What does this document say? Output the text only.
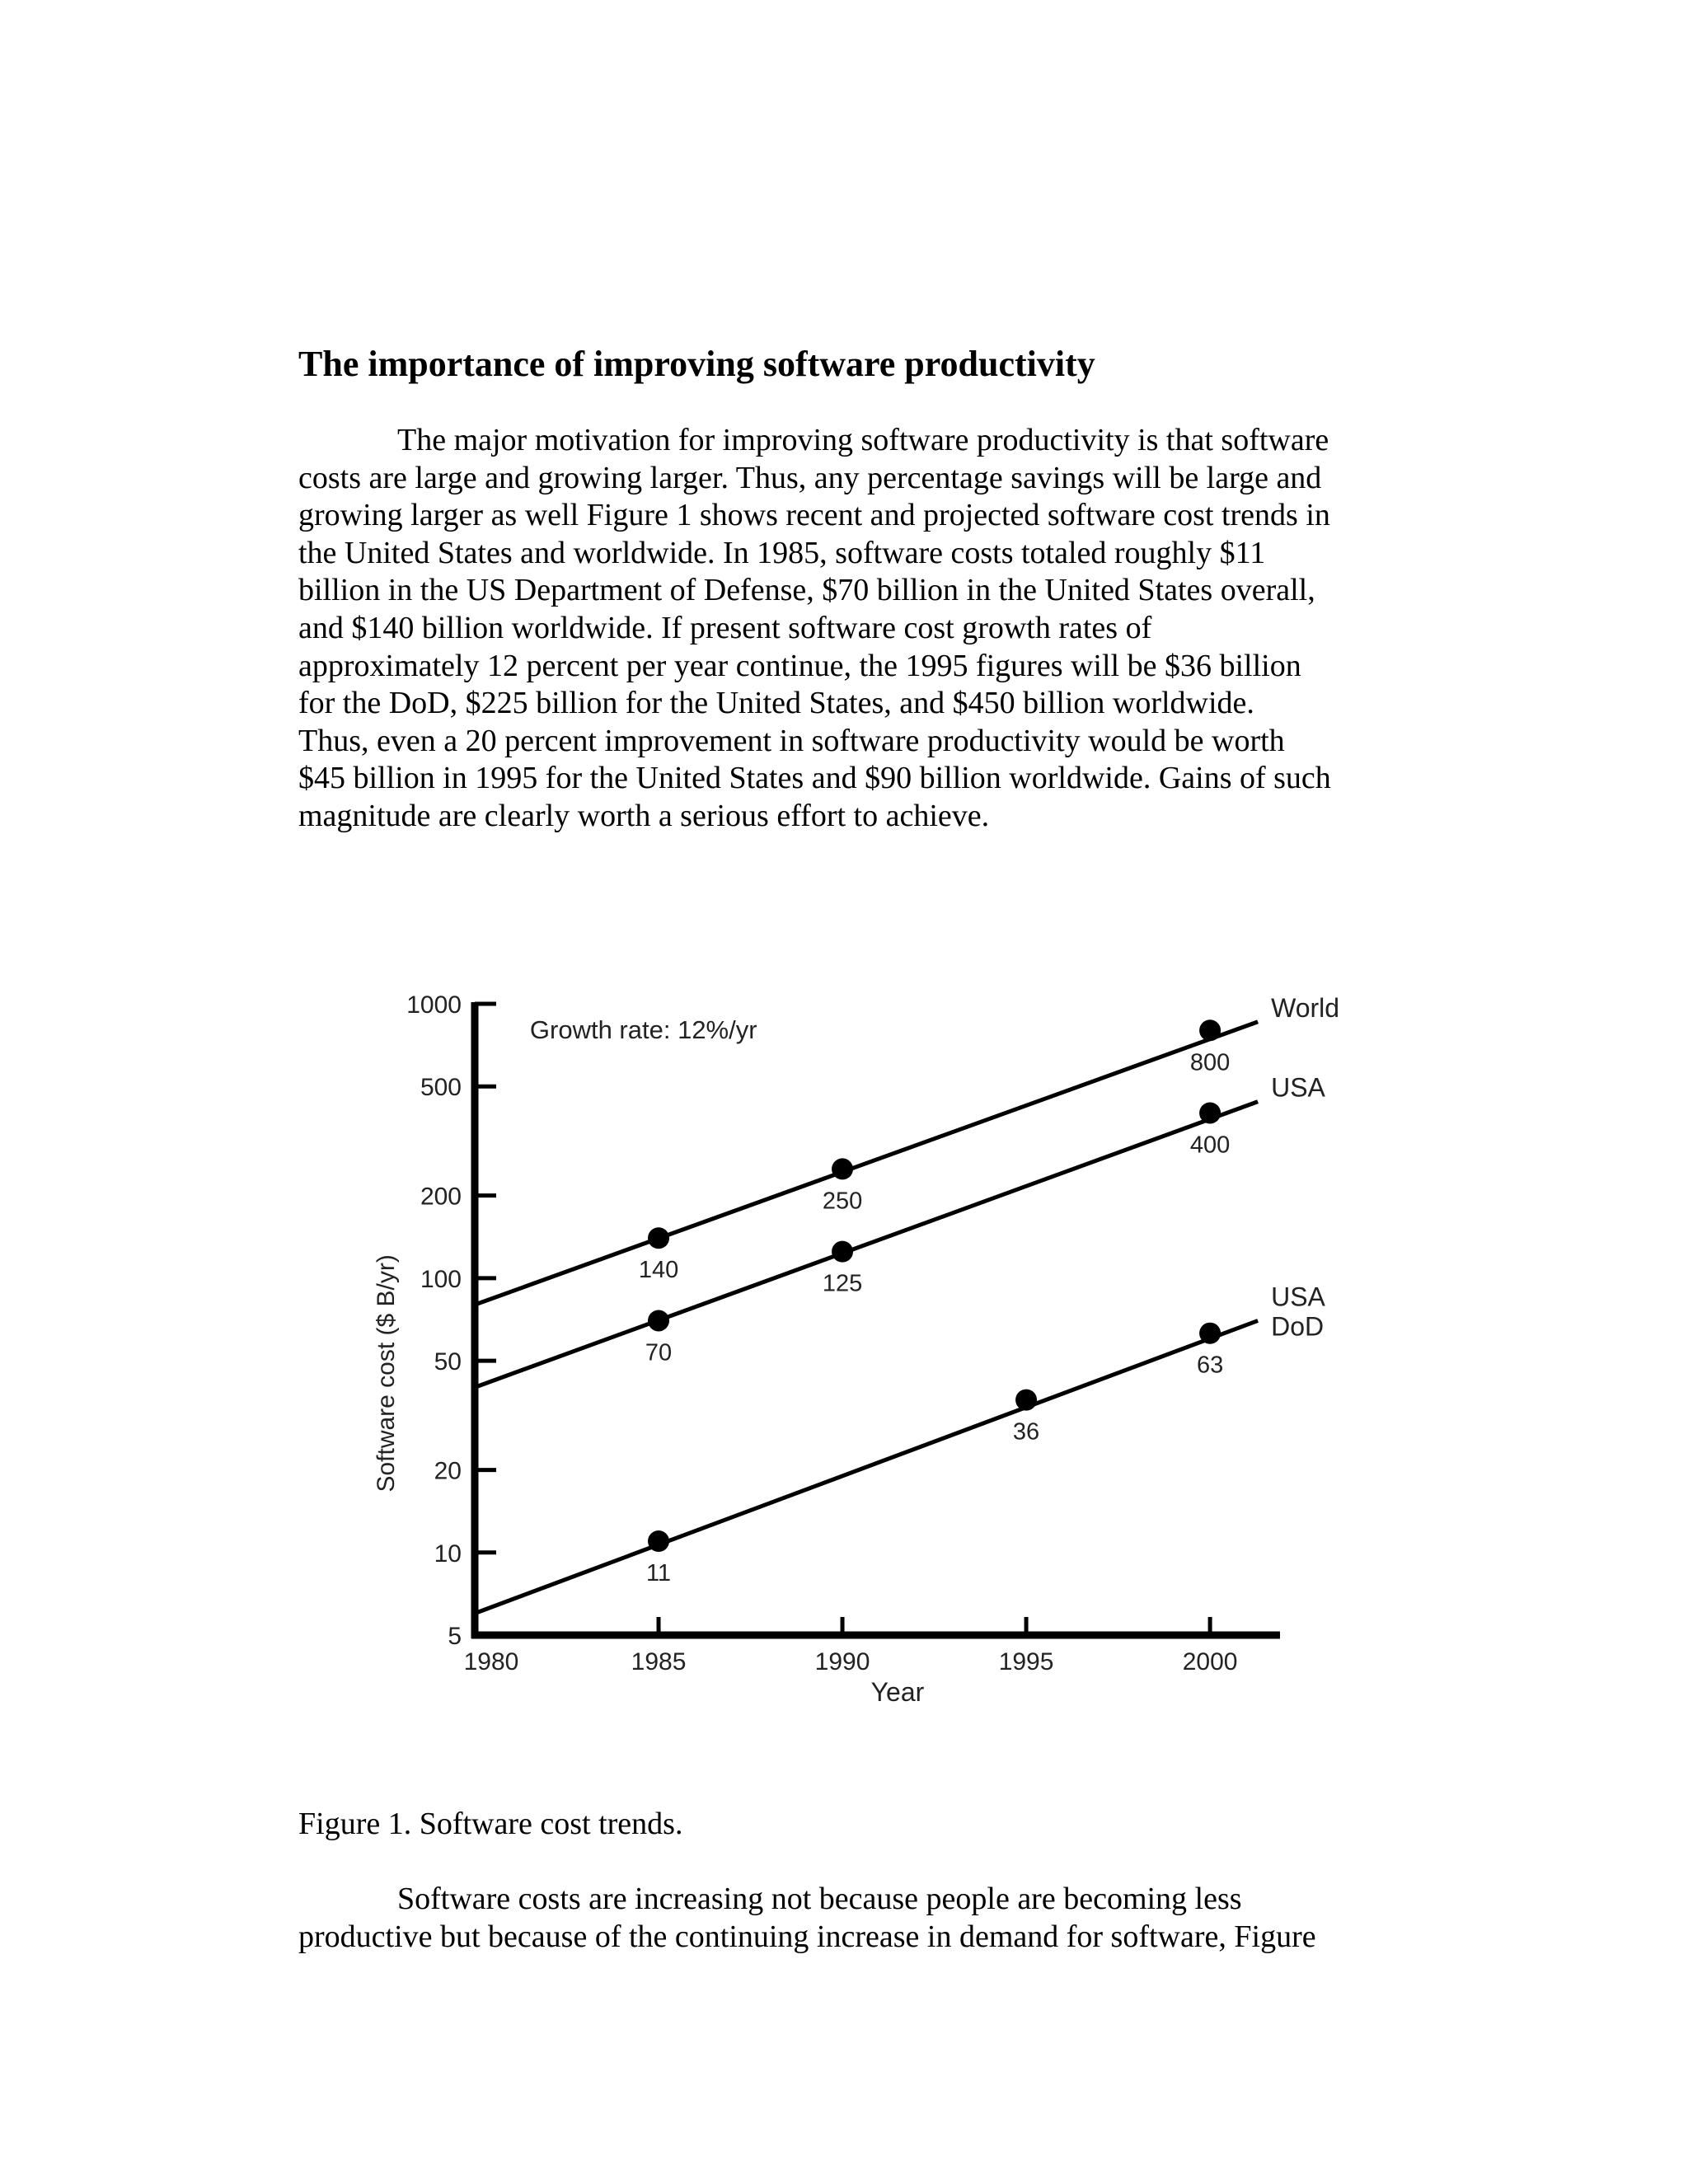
The importance of improving software productivity
The major motivation for improving software productivity is that software
costs are large and growing larger. Thus, any percentage savings will be large and
growing larger as well Figure 1 shows recent and projected software cost trends in
the United States and worldwide. In 1985, software costs totaled roughly $11
billion in the US Department of Defense, $70 billion in the United States overall,
and $140 billion worldwide. If present software cost growth rates of
approximately 12 percent per year continue, the 1995 figures will be $36 billion
for the DoD, $225 billion for the United States, and $450 billion worldwide.
Thus, even a 20 percent improvement in software productivity would be worth
$45 billion in 1995 for the United States and $90 billion worldwide. Gains of such
magnitude are clearly worth a serious effort to achieve.
5
10
20
50
100
200
500
1000
1980	1985	1990	1995	2000
Year
Software cost ($ B/yr)
Growth rate: 12%/yr
140
250
800
World
70
125
400
USA
11
36
63
USA
DoD
Figure 1. Software cost trends.
Software costs are increasing not because people are becoming less
productive but because of the continuing increase in demand for software, Figure
